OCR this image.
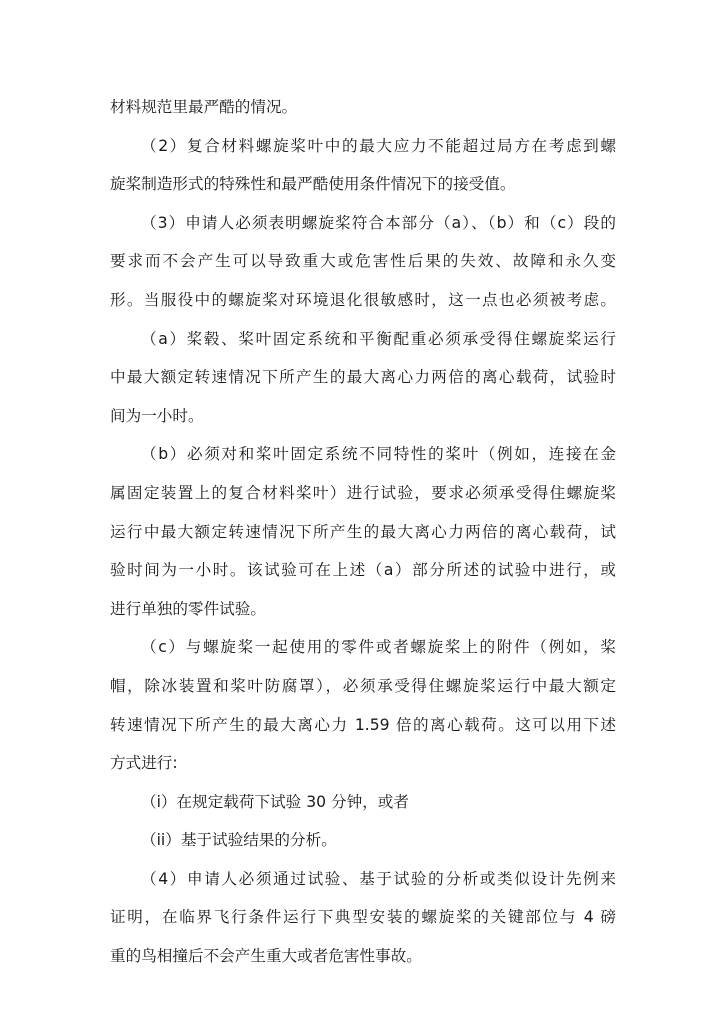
材料规范里最严酷的情况。
（2）复合材料螺旋桨叶中的最大应力不能超过局方在考虑到螺
旋桨制造形式的特殊性和最严酷使用条件情况下的接受值。
（3）申请人必须表明螺旋桨符合本部分（a）、（b）和（c）段的
要求而不会产生可以导致重大或危害性后果的失效、故障和永久变
形。当服役中的螺旋桨对环境退化很敏感时，这一点也必须被考虑。
（a）桨毂、桨叶固定系统和平衡配重必须承受得住螺旋桨运行
中最大额定转速情况下所产生的最大离心力两倍的离心载荷，试验时
间为一小时。
（b）必须对和桨叶固定系统不同特性的桨叶（例如，连接在金
属固定装置上的复合材料桨叶）进行试验，要求必须承受得住螺旋桨
运行中最大额定转速情况下所产生的最大离心力两倍的离心载荷，试
验时间为一小时。该试验可在上述（a）部分所述的试验中进行，或
进行单独的零件试验。
（c）与螺旋桨一起使用的零件或者螺旋桨上的附件（例如，桨
帽，除冰装置和桨叶防腐罩），必须承受得住螺旋桨运行中最大额定
转速情况下所产生的最大离心力 1.59 倍的离心载荷。这可以用下述
方式进行:
（i）在规定载荷下试验 30 分钟，或者
（ii）基于试验结果的分析。
（4）申请人必须通过试验、基于试验的分析或类似设计先例来
证明，在临界飞行条件运行下典型安装的螺旋桨的关键部位与 4 磅
重的鸟相撞后不会产生重大或者危害性事故。
